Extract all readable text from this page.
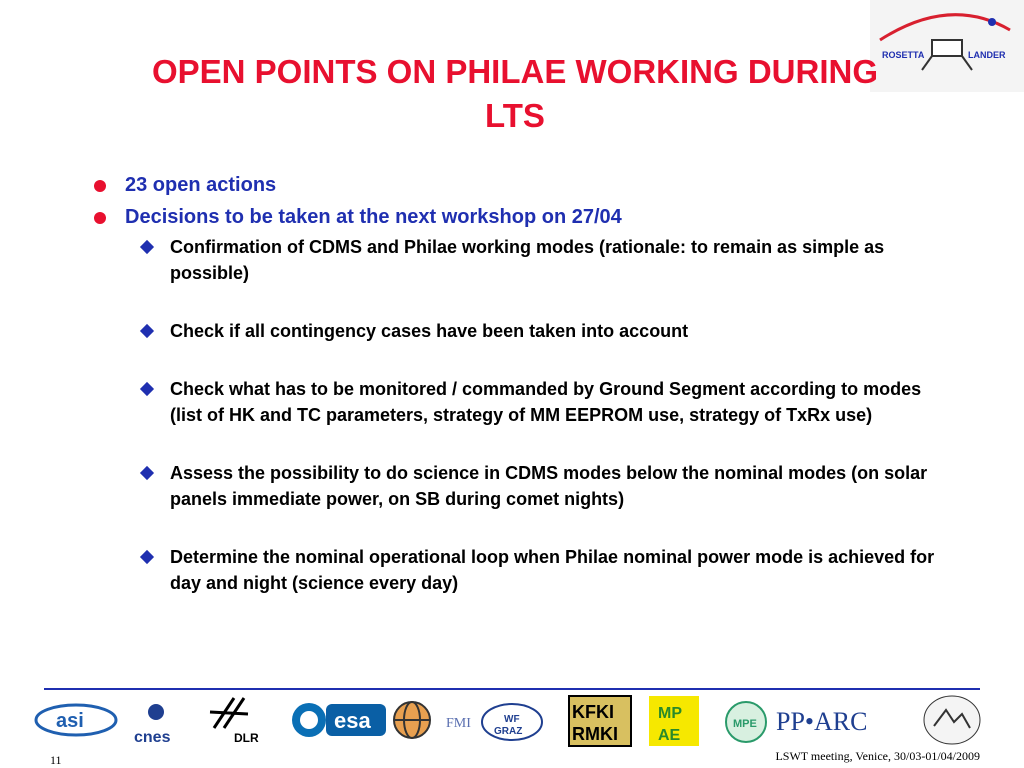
ROSETTA	LANDER
OPEN POINTS ON PHILAE WORKING DURING LTS
23 open actions
Decisions to be taken at the next workshop on 27/04
Confirmation of CDMS and Philae working modes (rationale: to remain as simple as possible)
Check if all contingency cases have been taken into account
Check what has to be monitored / commanded by Ground Segment according to modes (list of HK and TC parameters, strategy of MM EEPROM use, strategy of TxRx use)
Assess the possibility to do science in CDMS modes below the nominal modes (on solar panels immediate power, on SB during comet nights)
Determine the nominal operational loop when Philae nominal power mode is achieved for day and night (science every day)
asi
cnes	DLR
esa	FMI	WF
GRAZ
KFKI
RMKI
MP
AE
MPE PP•ARC
11	LSWT meeting, Venice, 30/03-01/04/2009
